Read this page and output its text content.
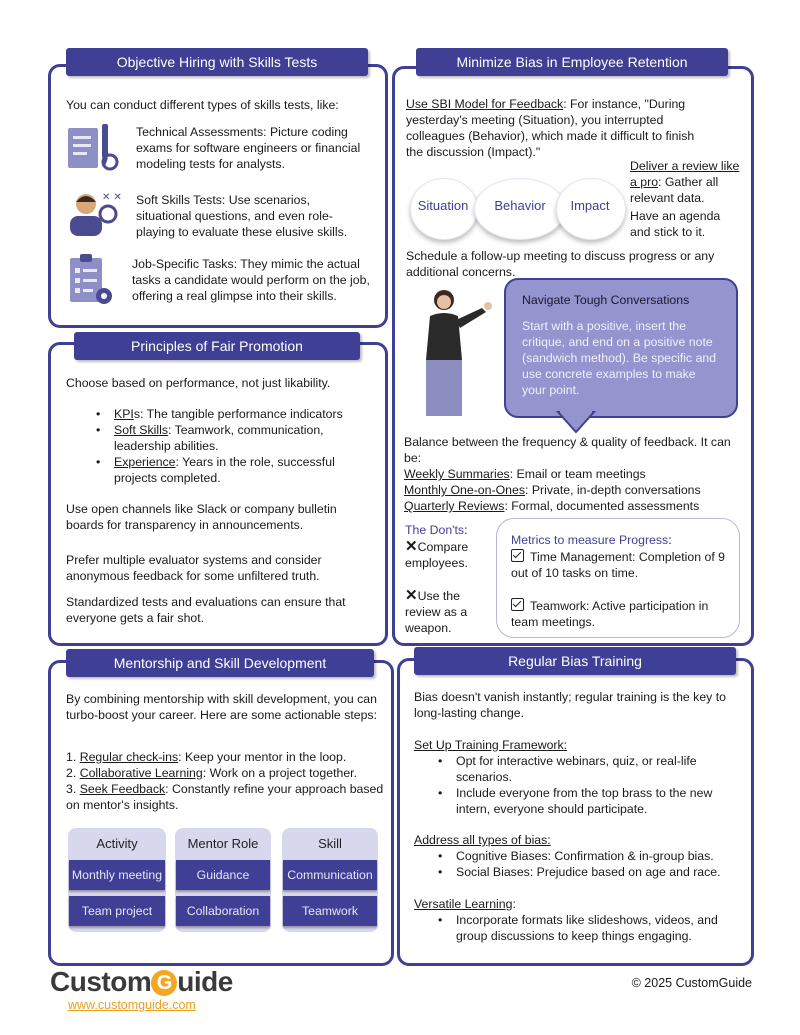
Objective Hiring with Skills Tests
You can conduct different types of skills tests, like:
Technical Assessments: Picture coding exams for software engineers or financial modeling tests for analysts.
✕ ✕ Soft Skills Tests: Use scenarios, situational questions, and even role-playing to evaluate these elusive skills.
Job-Specific Tasks: They mimic the actual tasks a candidate would perform on the job, offering a real glimpse into their skills.
Principles of Fair Promotion
Choose based on performance, not just likability.
• KPIs: The tangible performance indicators
• Soft Skills: Teamwork, communication, leadership abilities.
• Experience: Years in the role, successful projects completed.
Use open channels like Slack or company bulletin boards for transparency in announcements.
Prefer multiple evaluator systems and consider anonymous feedback for some unfiltered truth.
Standardized tests and evaluations can ensure that everyone gets a fair shot.
Mentorship and Skill Development
By combining mentorship with skill development, you can turbo-boost your career. Here are some actionable steps:
1. Regular check-ins: Keep your mentor in the loop.
2. Collaborative Learning: Work on a project together.
3. Seek Feedback: Constantly refine your approach based on mentor's insights.
Activity	Mentor Role	Skill
Monthly meeting	Guidance	Communication
Team project	Collaboration	Teamwork
Minimize Bias in Employee Retention
Use SBI Model for Feedback: For instance, "During yesterday's meeting (Situation), you interrupted colleagues (Behavior), which made it difficult to finish the discussion (Impact)."
Situation	Behavior	Impact
Deliver a review like a pro: Gather all relevant data.
Have an agenda and stick to it.
Schedule a follow-up meeting to discuss progress or any additional concerns.
Navigate Tough Conversations
Start with a positive, insert the critique, and end on a positive note (sandwich method). Be specific and use concrete examples to make your point.
Balance between the frequency & quality of feedback. It can be:
Weekly Summaries: Email or team meetings
Monthly One-on-Ones: Private, in-depth conversations
Quarterly Reviews: Formal, documented assessments
The Don'ts:
✕Compare employees.
✕Use the review as a weapon.
Metrics to measure Progress:
Time Management: Completion of 9 out of 10 tasks on time.
Teamwork: Active participation in team meetings.
Regular Bias Training
Bias doesn't vanish instantly; regular training is the key to long-lasting change.
Set Up Training Framework:
• Opt for interactive webinars, quiz, or real-life scenarios.
• Include everyone from the top brass to the new intern, everyone should participate.
Address all types of bias:
• Cognitive Biases: Confirmation & in-group bias.
• Social Biases: Prejudice based on age and race.
Versatile Learning:
• Incorporate formats like slideshows, videos, and group discussions to keep things engaging.
Custom G uide
www.customguide.com
© 2025 CustomGuide
